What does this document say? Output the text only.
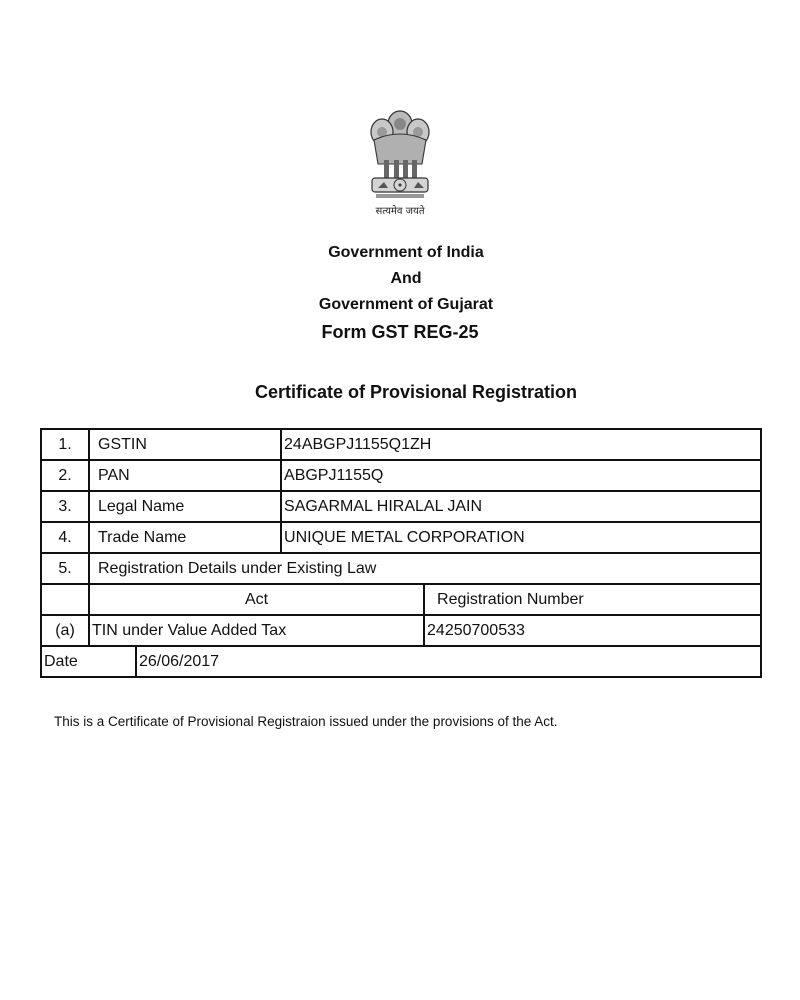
सत्यमेव जयते
Government of India
And
Government of Gujarat
Form GST REG-25
Certificate of Provisional Registration
1.	GSTIN		24ABGPJ1155Q1ZH	
2.	PAN		ABGPJ1155Q	
3.	Legal Name		SAGARMAL HIRALAL JAIN	
4.	Trade Name		UNIQUE METAL CORPORATION	
5.	Registration Details under Existing Law			
	Act			Registration Number
(a)	TIN under Value Added Tax			24250700533
Date		26/06/2017		
This is a Certificate of Provisional Registraion issued under the provisions of the Act.
